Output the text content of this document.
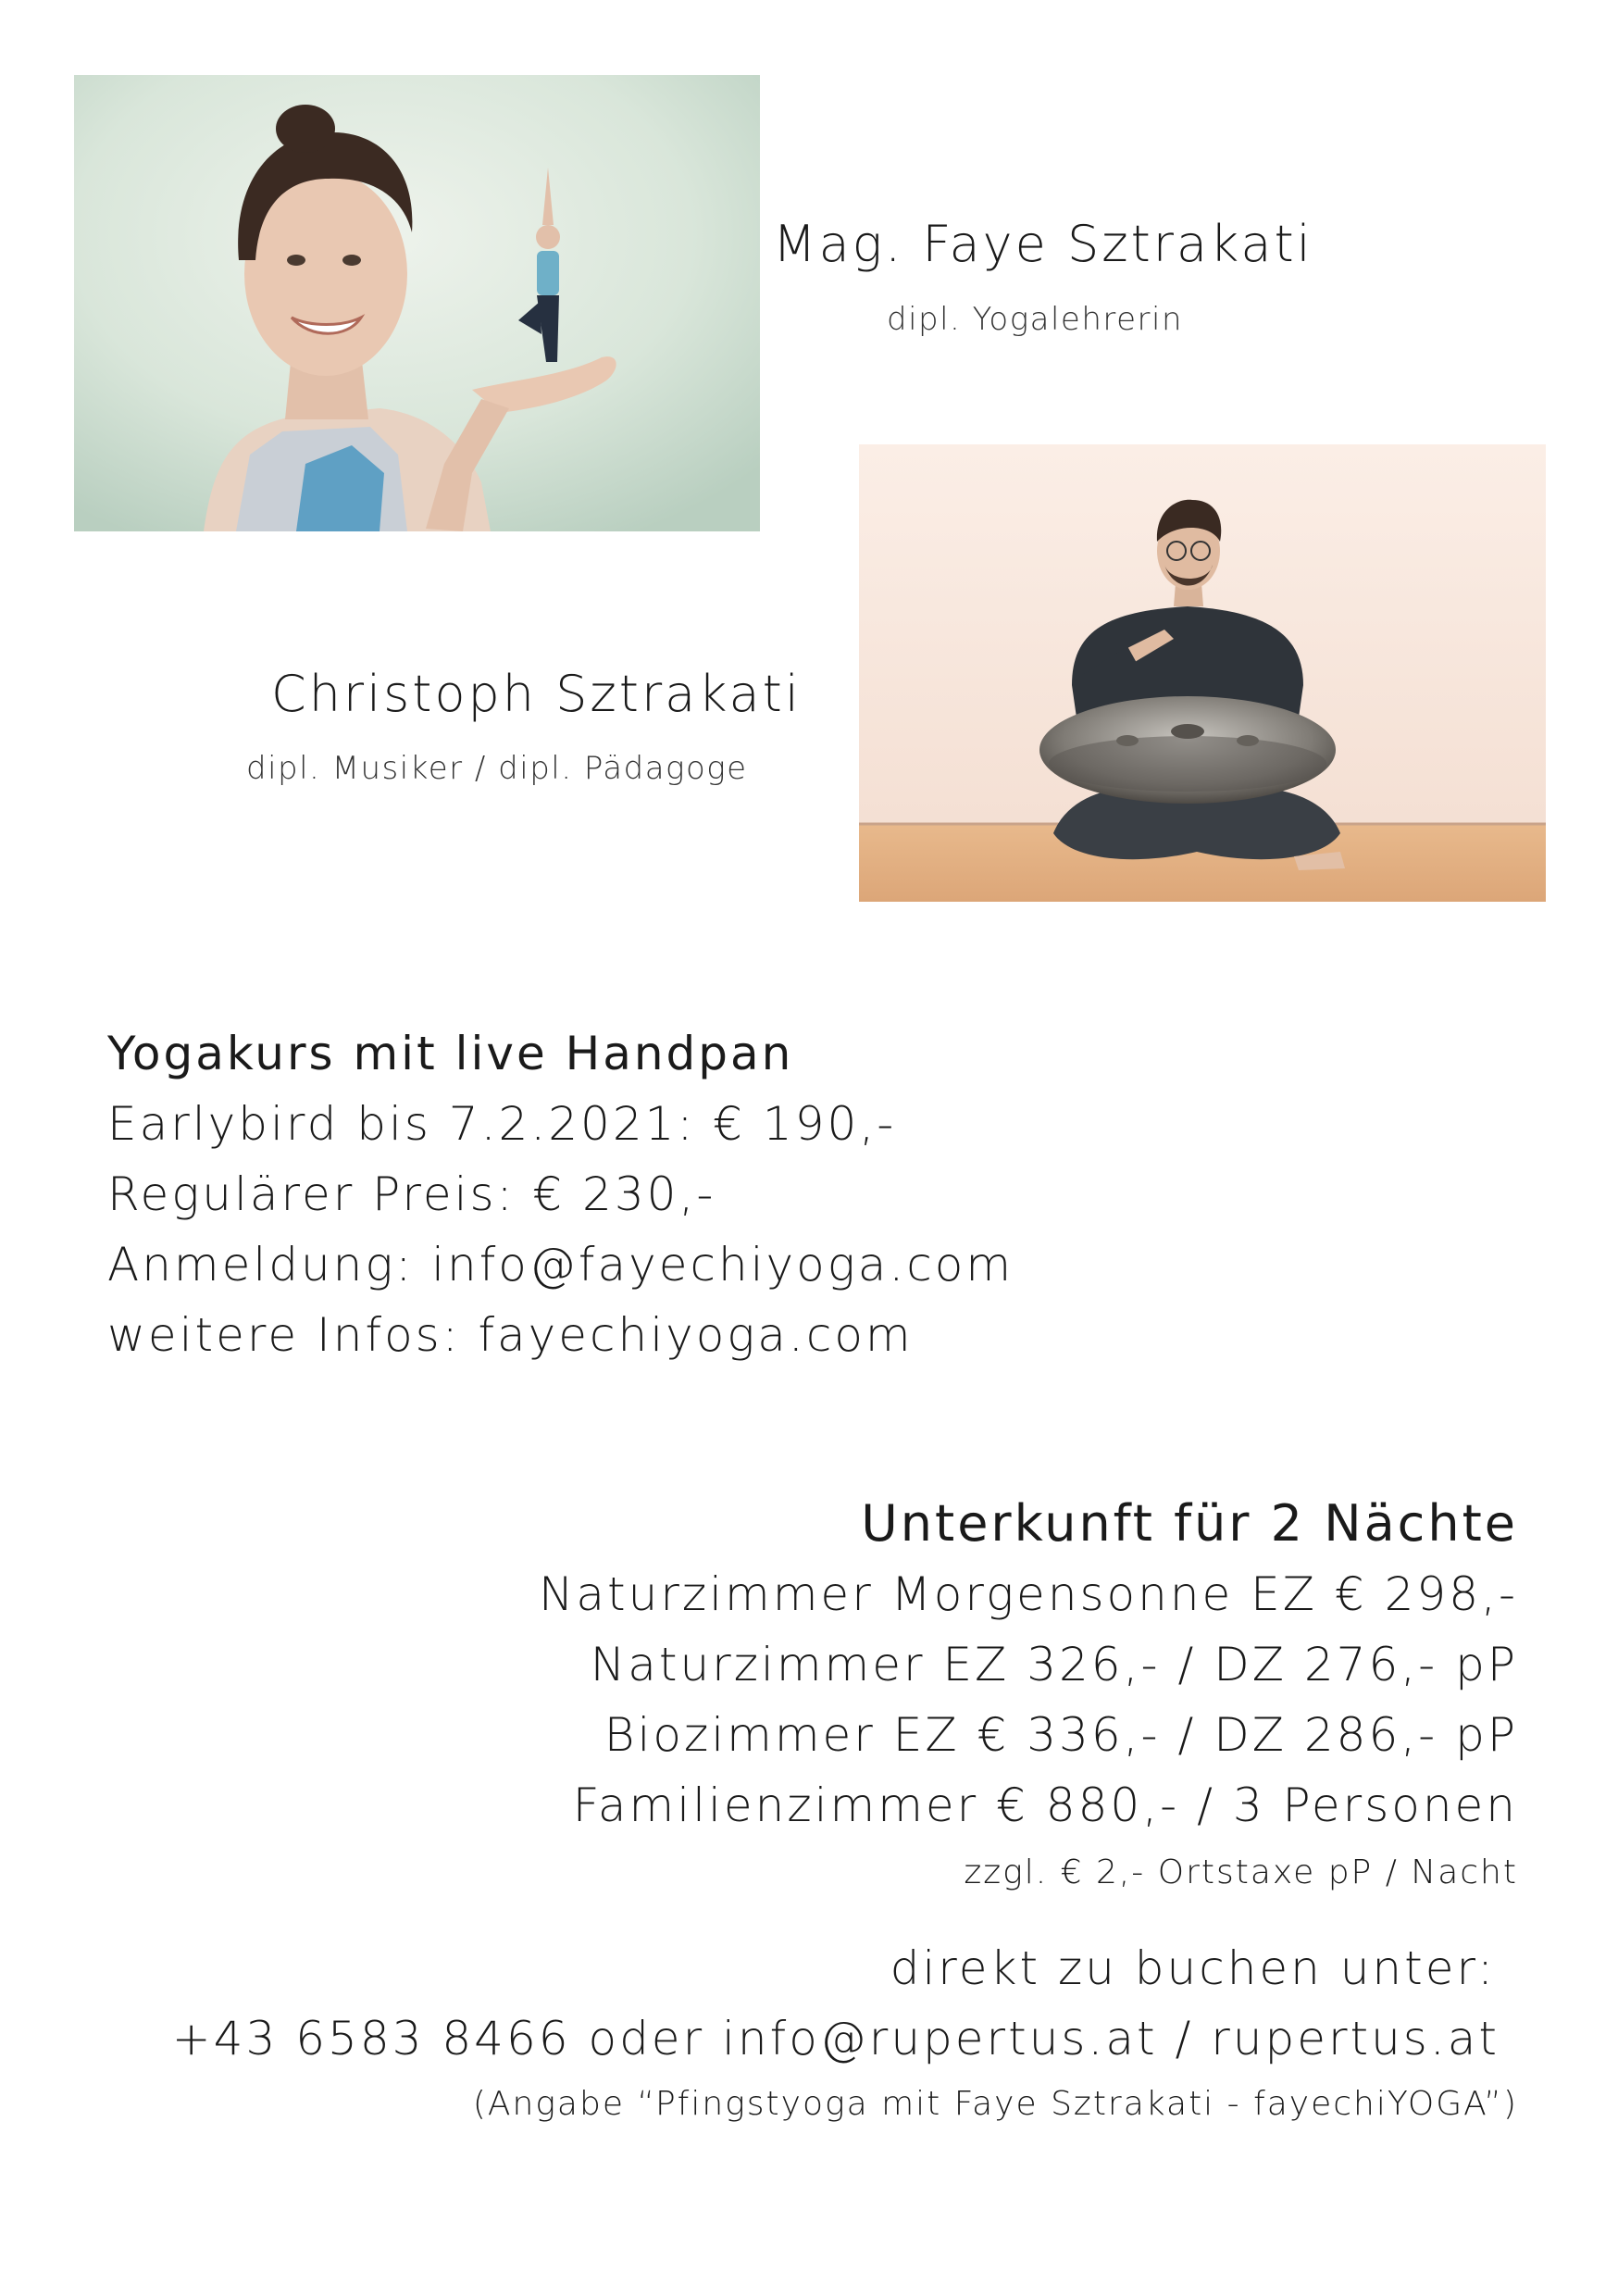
Mag. Faye Sztrakati
dipl. Yogalehrerin
Christoph Sztrakati
dipl. Musiker / dipl. Pädagoge
Yogakurs mit live Handpan
Earlybird bis 7.2.2021: € 190,-
Regulärer Preis: € 230,-
Anmeldung: info@fayechiyoga.com
weitere Infos: fayechiyoga.com
Unterkunft für 2 Nächte
Naturzimmer Morgensonne EZ € 298,-
Naturzimmer EZ 326,- / DZ 276,- pP
Biozimmer EZ € 336,- / DZ 286,- pP
Familienzimmer € 880,- / 3 Personen
zzgl. € 2,- Ortstaxe pP / Nacht
direkt zu buchen unter:
+43 6583 8466 oder info@rupertus.at / rupertus.at
(Angabe “Pfingstyoga mit Faye Sztrakati - fayechiYOGA”)
